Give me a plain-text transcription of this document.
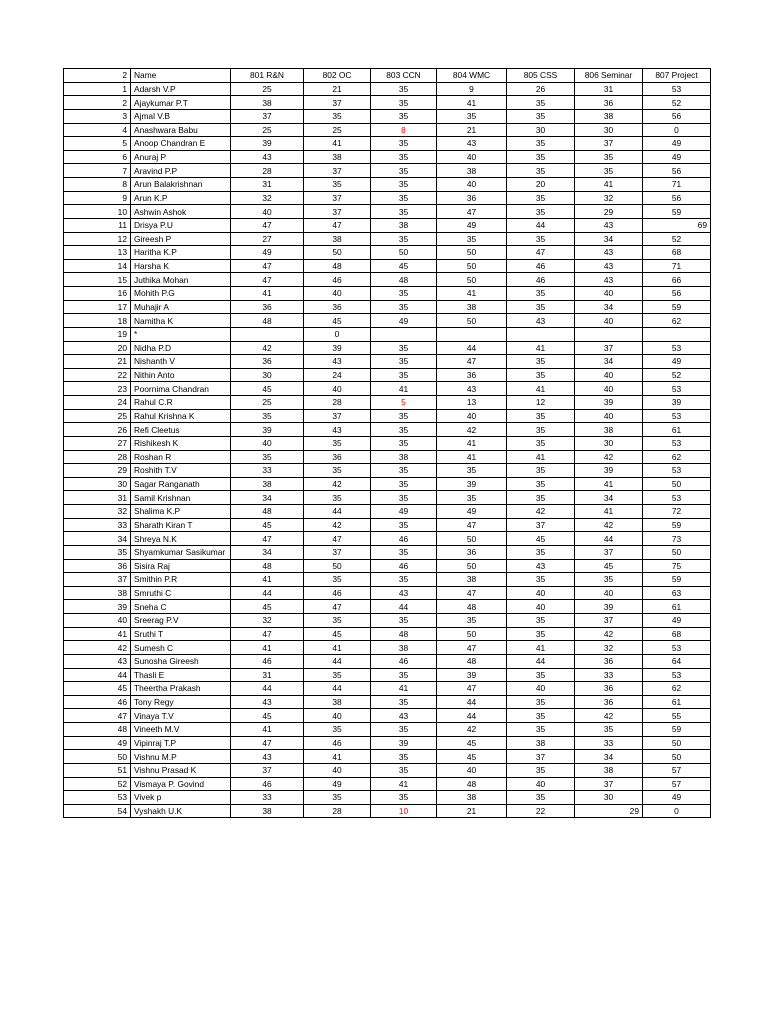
2	Name	801 R&N	802 OC	803 CCN	804 WMC	805 CSS	806 Seminar	807 Project
1	Adarsh V.P	25	21	35	9	26	31	53
2	Ajaykumar P.T	38	37	35	41	35	36	52
3	Ajmal V.B	37	35	35	35	35	38	56
4	Anashwara Babu	25	25	8	21	30	30	0
5	Anoop Chandran E	39	41	35	43	35	37	49
6	Anuraj P	43	38	35	40	35	35	49
7	Aravind P.P	28	37	35	38	35	35	56
8	Arun Balakrishnan	31	35	35	40	20	41	71
9	Arun K.P	32	37	35	36	35	32	56
10	Ashwin Ashok	40	37	35	47	35	29	59
11	Drisya P.U	47	47	38	49	44	43	69
12	Gireesh P	27	38	35	35	35	34	52
13	Haritha K.P	49	50	50	50	47	43	68
14	Harsha K	47	48	45	50	46	43	71
15	Juthika Mohan	47	46	48	50	46	43	66
16	Mohith P.G	41	40	35	41	35	40	56
17	Muhajir A	36	36	35	38	35	34	59
18	Namitha K	48	45	49	50	43	40	62
19	*		0					
20	Nidha P.D	42	39	35	44	41	37	53
21	Nishanth V	36	43	35	47	35	34	49
22	Nithin Anto	30	24	35	36	35	40	52
23	Poornima Chandran	45	40	41	43	41	40	53
24	Rahul C.R	25	28	5	13	12	39	39
25	Rahul Krishna K	35	37	35	40	35	40	53
26	Refi Cleetus	39	43	35	42	35	38	61
27	Rishikesh K	40	35	35	41	35	30	53
28	Roshan R	35	36	38	41	41	42	62
29	Roshith T.V	33	35	35	35	35	39	53
30	Sagar Ranganath	38	42	35	39	35	41	50
31	Samil Krishnan	34	35	35	35	35	34	53
32	Shalima K.P	48	44	49	49	42	41	72
33	Sharath Kiran T	45	42	35	47	37	42	59
34	Shreya N.K	47	47	46	50	45	44	73
35	Shyamkumar Sasikumar	34	37	35	36	35	37	50
36	Sisira Raj	48	50	46	50	43	45	75
37	Smithin P.R	41	35	35	38	35	35	59
38	Smruthi C	44	46	43	47	40	40	63
39	Sneha C	45	47	44	48	40	39	61
40	Sreerag P.V	32	35	35	35	35	37	49
41	Sruthi T	47	45	48	50	35	42	68
42	Sumesh C	41	41	38	47	41	32	53
43	Sunosha Gireesh	46	44	46	48	44	36	64
44	Thasli E	31	35	35	39	35	33	53
45	Theertha Prakash	44	44	41	47	40	36	62
46	Tony Regy	43	38	35	44	35	36	61
47	Vinaya T.V	45	40	43	44	35	42	55
48	Vineeth M.V	41	35	35	42	35	35	59
49	Vipinraj T.P	47	46	39	45	38	33	50
50	Vishnu M.P	43	41	35	45	37	34	50
51	Vishnu Prasad K	37	40	35	40	35	38	57
52	Vismaya P. Govind	46	49	41	48	40	37	57
53	Vivek p	33	35	35	38	35	30	49
54	Vyshakh U.K	38	28	10	21	22	29	0
